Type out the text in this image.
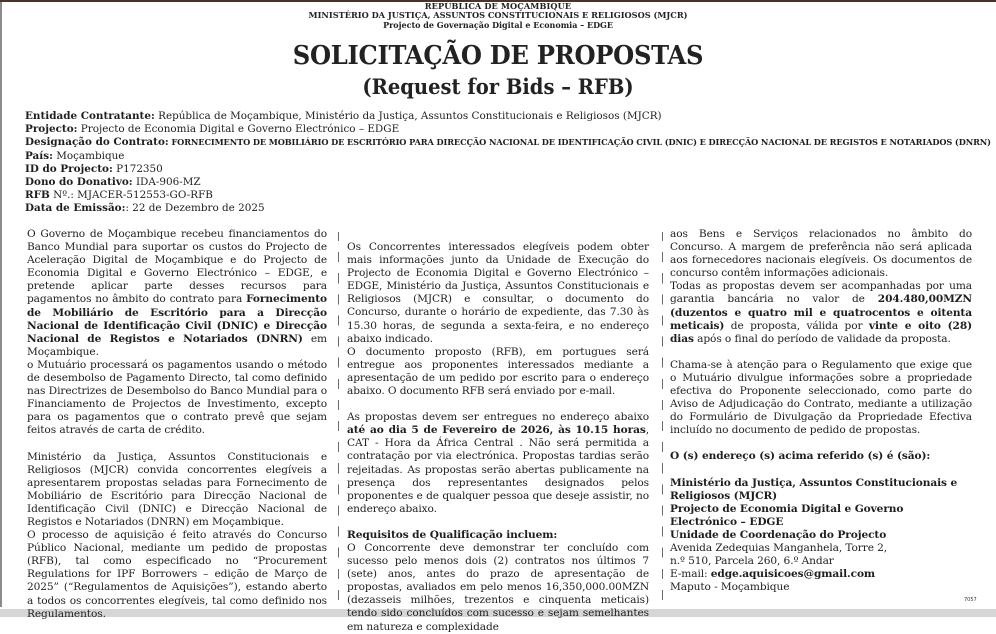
REPÚBLICA DE MOÇAMBIQUE
MINISTÉRIO DA JUSTIÇA, ASSUNTOS CONSTITUCIONAIS E RELIGIOSOS (MJCR)
Projecto de Governação Digital e Economia – EDGE
SOLICITAÇÃO DE PROPOSTAS
(Request for Bids – RFB)
Entidade Contratante: República de Moçambique, Ministério da Justiça, Assuntos Constitucionais e Religiosos (MJCR)
Projecto: Projecto de Economia Digital e Governo Electrónico – EDGE
Designação do Contrato: FORNECIMENTO DE MOBILIÁRIO DE ESCRITÓRIO PARA DIRECÇÃO NACIONAL DE IDENTIFICAÇÃO CIVIL (DNIC) E DIRECÇÃO NACIONAL DE REGISTOS E NOTARIADOS (DNRN)
País: Moçambique
ID do Projecto: P172350
Dono do Donativo: IDA-906-MZ
RFB Nº.: MJACER-512553-GO-RFB
Data de Emissão:: 22 de Dezembro de 2025

O Governo de Moçambique recebeu financiamentos do Banco Mundial para suportar os custos do Projecto de Aceleração Digital de Moçambique e do Projecto de Economia Digital e Governo Electrónico – EDGE, e pretende aplicar parte desses recursos para pagamentos no âmbito do contrato para Fornecimento de Mobiliário de Escritório para a Direcção Nacional de Identificação Civil (DNIC) e Direcção Nacional de Registos e Notariados (DNRN) em Moçambique.

o Mutuário processará os pagamentos usando o método de desembolso de Pagamento Directo, tal como definido nas Directrizes de Desembolso do Banco Mundial para o Financiamento de Projectos de Investimento, excepto para os pagamentos que o contrato prevê que sejam feitos através de carta de crédito.

Ministério da Justiça, Assuntos Constitucionais e Religiosos (MJCR) convida concorrentes elegíveis a apresentarem propostas seladas para Fornecimento de Mobiliário de Escritório para Direcção Nacional de Identificação Civil (DNIC) e Direcção Nacional de Registos e Notariados (DNRN) em Moçambique.

O processo de aquisição é feito através do Concurso Público Nacional, mediante um pedido de propostas (RFB), tal como especificado no “Procurement Regulations for IPF Borrowers – edição de Março de 2025” (“Regulamentos de Aquisições”), estando aberto a todos os concorrentes elegíveis, tal como definido nos Regulamentos.

Os Concorrentes interessados elegíveis podem obter mais informações junto da Unidade de Execução do Projecto de Economia Digital e Governo Electrónico – EDGE, Ministério da Justiça, Assuntos Constitucionais e Religiosos (MJCR) e consultar, o documento do Concurso, durante o horário de expediente, das 7.30 às 15.30 horas, de segunda a sexta-feira, e no endereço abaixo indicado.

O documento proposto (RFB), em portugues será entregue aos proponentes interessados mediante a apresentação de um pedido por escrito para o endereço abaixo. O documento RFB será enviado por e-mail.

As propostas devem ser entregues no endereço abaixo até ao dia 5 de Fevereiro de 2026, às 10.15 horas, CAT - Hora da África Central . Não será permitida a contratação por via electrónica. Propostas tardias serão rejeitadas. As propostas serão abertas publicamente na presença dos representantes designados pelos proponentes e de qualquer pessoa que deseje assistir, no endereço abaixo.

Requisitos de Qualificação incluem:

O Concorrente deve demonstrar ter concluído com sucesso pelo menos dois (2) contratos nos últimos 7 (sete) anos, antes do prazo de apresentação de propostas, avaliados em pelo menos 16,350,000.00MZN (dezasseis milhões, trezentos e cinquenta meticais) tendo sido concluídos com sucesso e sejam semelhantes em natureza e complexidade

aos Bens e Serviços relacionados no âmbito do Concurso. A margem de preferência não será aplicada aos fornecedores nacionais elegíveis. Os documentos de concurso contêm informações adicionais.

Todas as propostas devem ser acompanhadas por uma garantia bancária no valor de 204.480,00MZN (duzentos e quatro mil e quatrocentos e oitenta meticais) de proposta, válida por vinte e oito (28) dias após o final do período de validade da proposta.

Chama-se à atenção para o Regulamento que exige que o Mutuário divulgue informações sobre a propriedade efectiva do Proponente seleccionado, como parte do Aviso de Adjudicação do Contrato, mediante a utilização do Formulário de Divulgação da Propriedade Efectiva incluído no documento de pedido de propostas.

O (s) endereço (s) acima referido (s) é (são):

Ministério da Justiça, Assuntos Constitucionais e Religiosos (MJCR)

Projecto de Economia Digital e Governo Electrónico – EDGE

Unidade de Coordenação do Projecto

Avenida Zedequias Manganhela, Torre 2,

n.º 510, Parcela 260, 6.º Andar

E-mail: edge.aquisicoes@gmail.com

Maputo - Moçambique

7057
